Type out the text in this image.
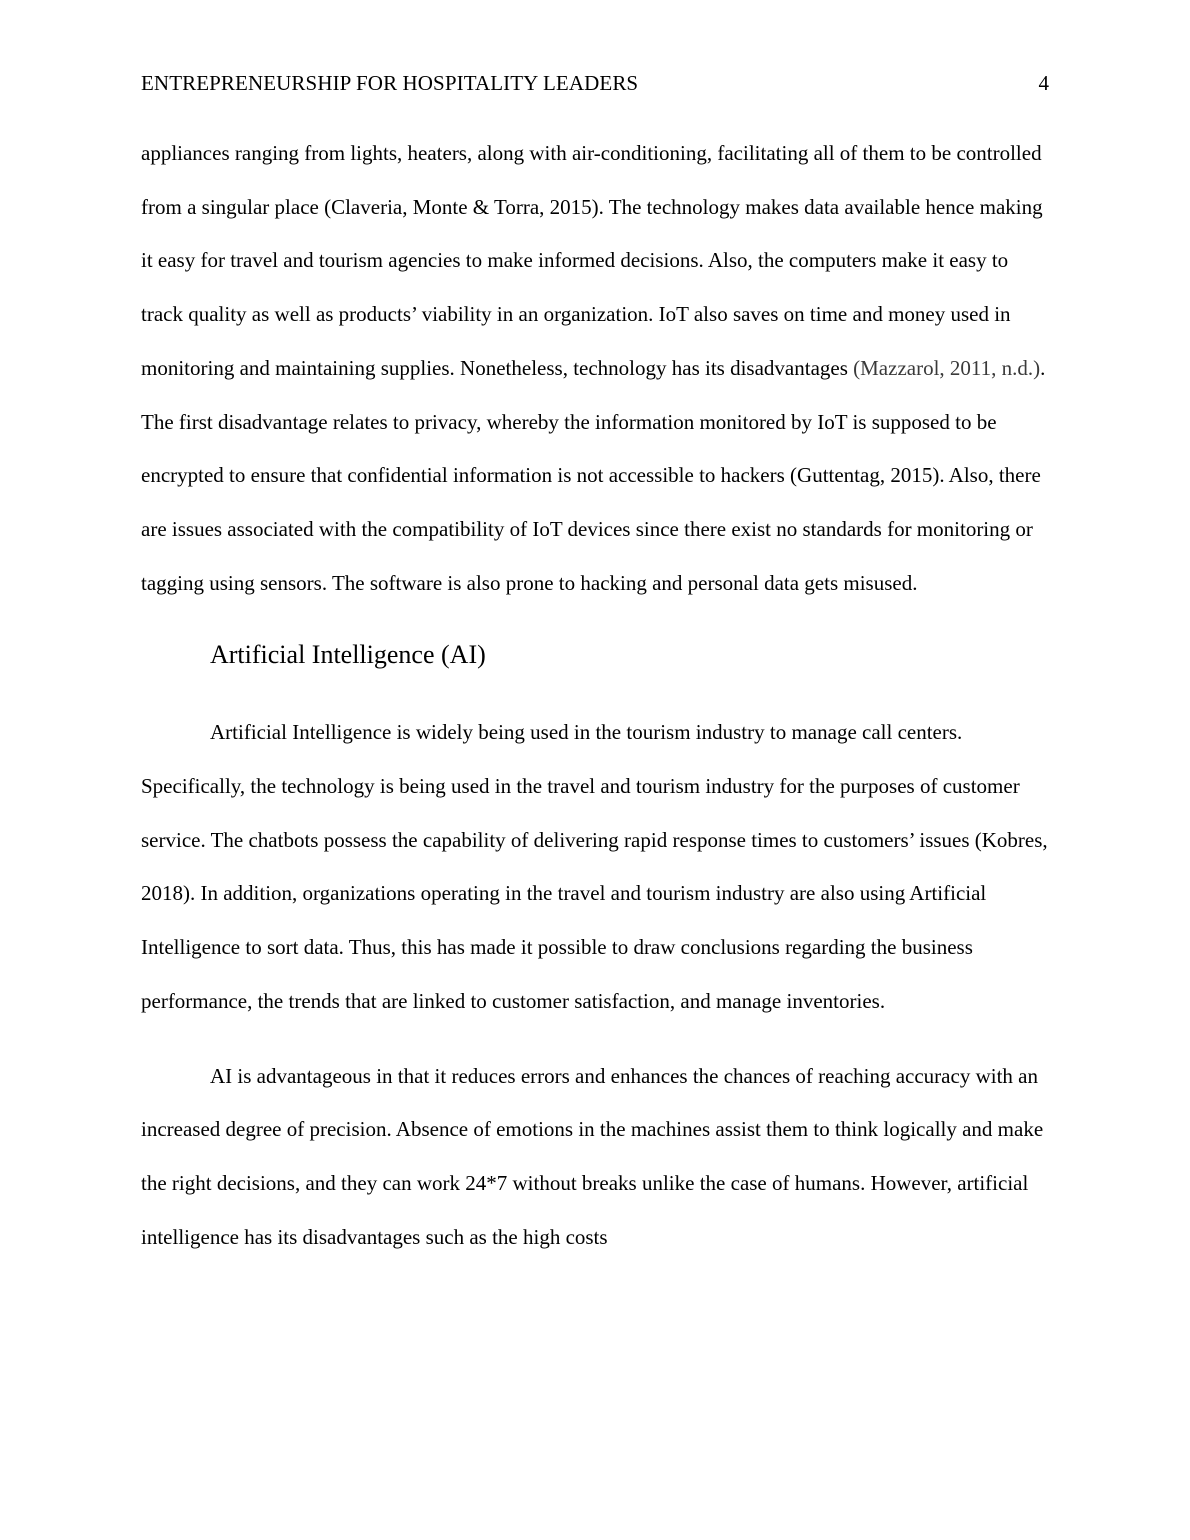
ENTREPRENEURSHIP FOR HOSPITALITY LEADERS	4

appliances ranging from lights, heaters, along with air-conditioning, facilitating all of them to be controlled from a singular place (Claveria, Monte & Torra, 2015). The technology makes data available hence making it easy for travel and tourism agencies to make informed decisions. Also, the computers make it easy to track quality as well as products’ viability in an organization. IoT also saves on time and money used in monitoring and maintaining supplies. Nonetheless, technology has its disadvantages (Mazzarol, 2011, n.d.). The first disadvantage relates to privacy, whereby the information monitored by IoT is supposed to be encrypted to ensure that confidential information is not accessible to hackers (Guttentag, 2015). Also, there are issues associated with the compatibility of IoT devices since there exist no standards for monitoring or tagging using sensors. The software is also prone to hacking and personal data gets misused.

Artificial Intelligence (AI)

Artificial Intelligence is widely being used in the tourism industry to manage call centers. Specifically, the technology is being used in the travel and tourism industry for the purposes of customer service. The chatbots possess the capability of delivering rapid response times to customers’ issues (Kobres, 2018). In addition, organizations operating in the travel and tourism industry are also using Artificial Intelligence to sort data. Thus, this has made it possible to draw conclusions regarding the business performance, the trends that are linked to customer satisfaction, and manage inventories.

AI is advantageous in that it reduces errors and enhances the chances of reaching accuracy with an increased degree of precision. Absence of emotions in the machines assist them to think logically and make the right decisions, and they can work 24*7 without breaks unlike the case of humans. However, artificial intelligence has its disadvantages such as the high costs
